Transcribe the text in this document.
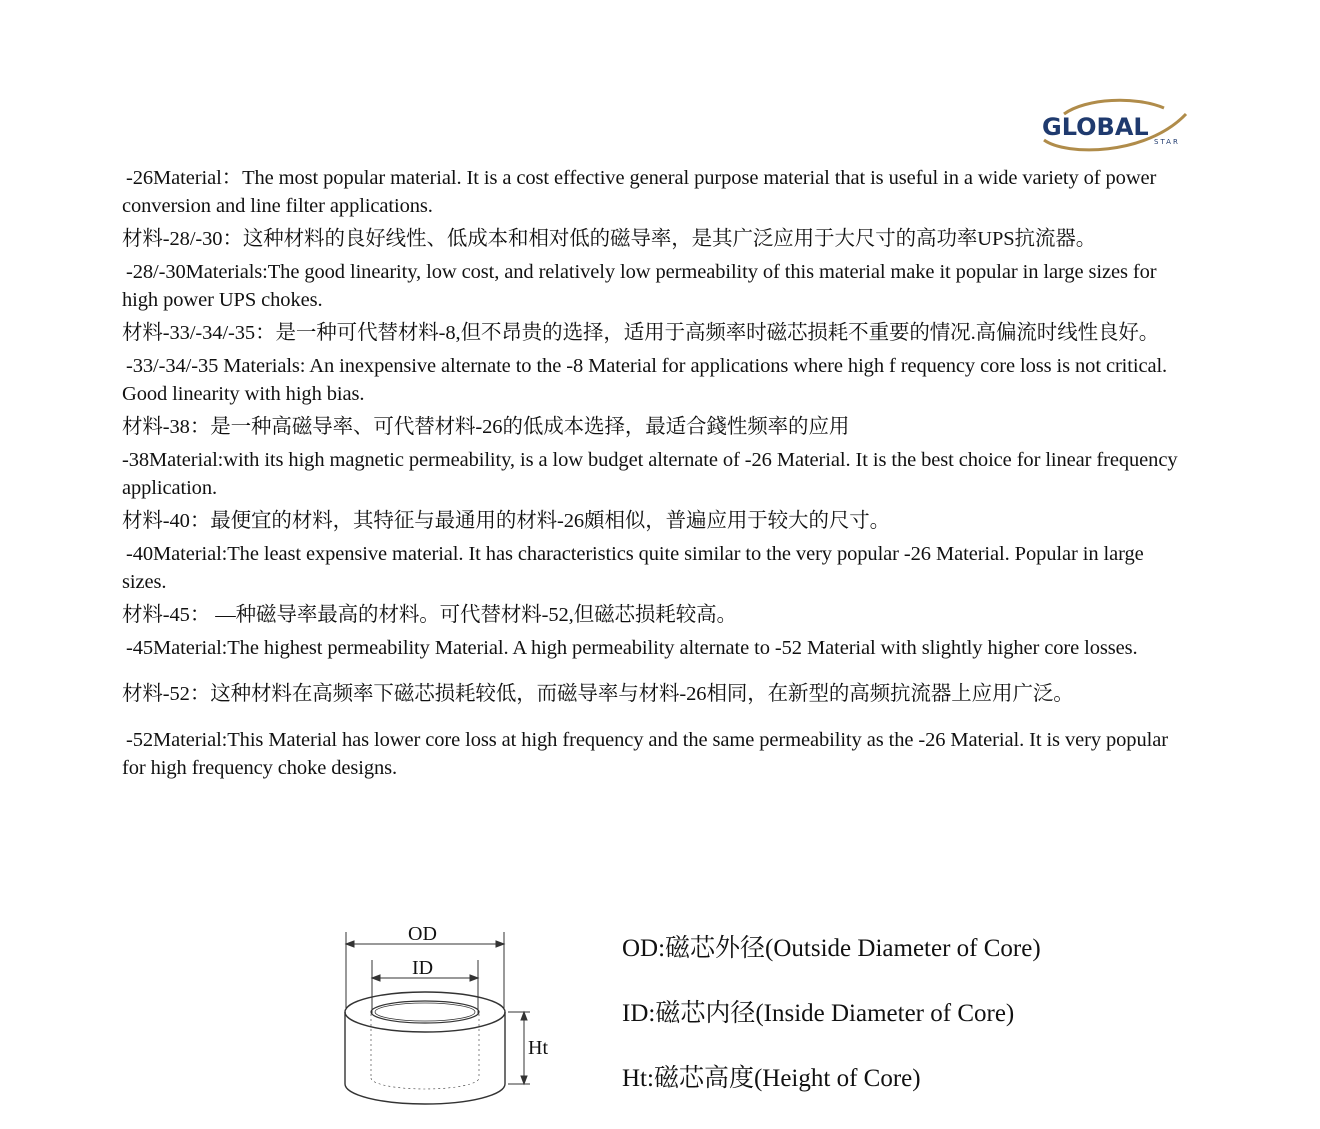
GLOBAL
STAR

-26Material：The most popular material. It is a cost effective general purpose material that is useful in a wide variety of power conversion and line filter applications.

材料-28/-30：这种材料的良好线性、低成本和相对低的磁导率，是其广泛应用于大尺寸的高功率UPS抗流器。

-28/-30Materials:The good linearity, low cost, and relatively low permeability of this material make it popular in large sizes for high power UPS chokes.

材料-33/-34/-35：是一种可代替材料-8,但不昂贵的选择，适用于高频率时磁芯损耗不重要的情况.高偏流时线性良好。

-33/-34/-35 Materials: An inexpensive alternate to the -8 Material for applications where high f requency core loss is not critical. Good linearity with high bias.

材料-38：是一种高磁导率、可代替材料-26的低成本选择，最适合錢性频率的应用

-38Material:with its high magnetic permeability, is a low budget alternate of -26 Material. It is the best choice for linear frequency application.

材料-40：最便宜的材料，其特征与最通用的材料-26頗相似，普遍应用于较大的尺寸。

-40Material:The least expensive material. It has characteristics quite similar to the very popular -26 Material. Popular in large sizes.

材料-45： —种磁导率最高的材料。可代替材料-52,但磁芯损耗较高。

-45Material:The highest permeability Material. A high permeability alternate to -52 Material with slightly higher core losses.

材料-52：这种材料在高频率下磁芯损耗较低，而磁导率与材料-26相同，在新型的高频抗流器上应用广泛。

-52Material:This Material has lower core loss at high frequency and the same permeability as the -26 Material. It is very popular for high frequency choke designs.

OD
ID
Ht

OD:磁芯外径(Outside Diameter of Core)

ID:磁芯内径(Inside Diameter of Core)

Ht:磁芯高度(Height of Core)
